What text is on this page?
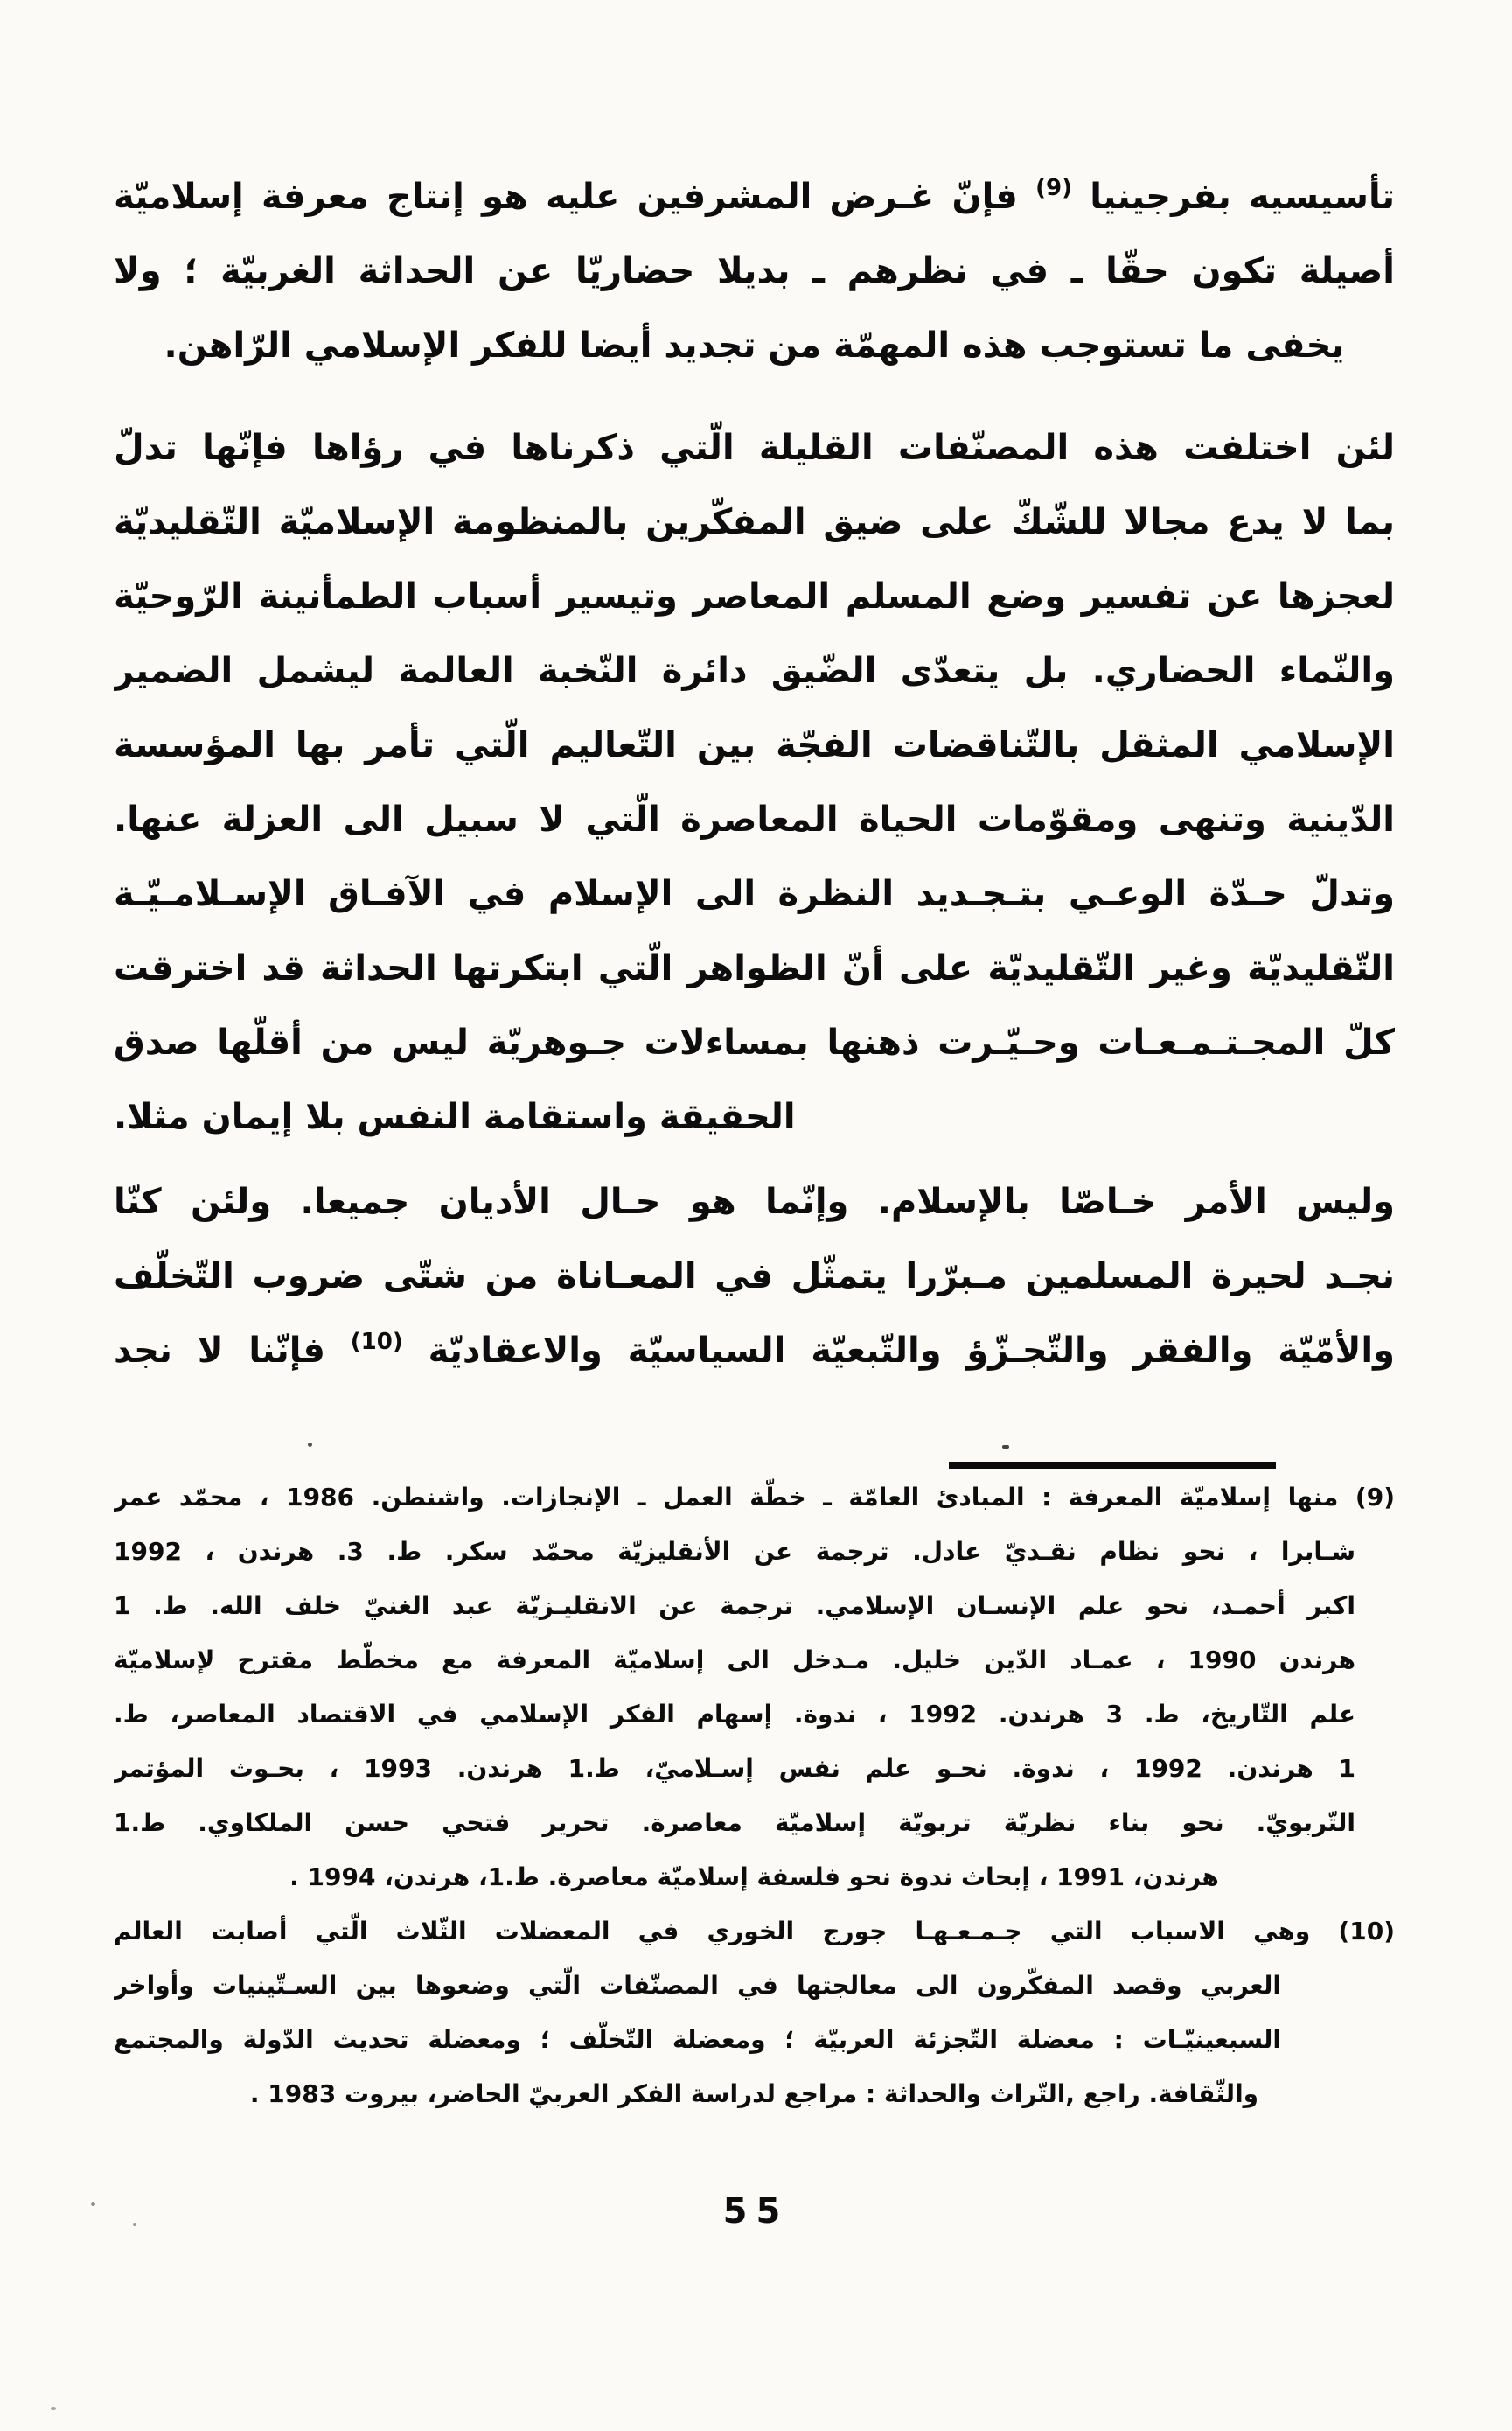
تأسيسيه بفرجينيا $^{(9)}$ فإنّ غـرض المشرفين عليه هو إنتاج معرفة إسلاميّة
أصيلة تكون حقّا ـ في نظرهم ـ بديلا حضاريّا عن الحداثة الغربيّة ؛ ولا
يخفى ما تستوجب هذه المهمّة من تجديد أيضا للفكر الإسلامي الرّاهن.
لئن اختلفت هذه المصنّفات القليلة الّتي ذكرناها في رؤاها فإنّها تدلّ
بما لا يدع مجالا للشّكّ على ضيق المفكّرين بالمنظومة الإسلاميّة التّقليديّة
لعجزها عن تفسير وضع المسلم المعاصر وتيسير أسباب الطمأنينة الرّوحيّة
والنّماء الحضاري. بل يتعدّى الضّيق دائرة النّخبة العالمة ليشمل الضمير
الإسلامي المثقل بالتّناقضات الفجّة بين التّعاليم الّتي تأمر بها المؤسسة
الدّينية وتنهى ومقوّمات الحياة المعاصرة الّتي لا سبيل الى العزلة عنها.
وتدلّ حـدّة الوعـي بتـجـديد النظرة الى الإسلام في الآفـاق الإسـلامـيّـة
التّقليديّة وغير التّقليديّة على أنّ الظواهر الّتي ابتكرتها الحداثة قد اخترقت
كلّ المجـتـمـعـات وحـيّـرت ذهنها بمساءلات جـوهريّة ليس من أقلّها صدق
الحقيقة واستقامة النفس بلا إيمان مثلا.
وليس الأمر خـاصّا بالإسلام. وإنّما هو حـال الأديان جميعا. ولئن كنّا
نجـد لحيرة المسلمين مـبرّرا يتمثّل في المعـاناة من شتّى ضروب التّخلّف
والأمّيّة والفقر والتّجـزّؤ والتّبعيّة السياسيّة والاعقاديّة $^{(10)}$ فإنّنا لا نجد
(9) منها إسلاميّة المعرفة : المبادئ العامّة ـ خطّة العمل ـ الإنجازات. واشنطن. 1986 ، محمّد عمر
شـابرا ، نحو نظام نقـديّ عادل. ترجمة عن الأنقليزيّة محمّد سكر. ط. 3. هرندن ، 1992
اكبر أحمـد، نحو علم الإنسـان الإسلامي. ترجمة عن الانقليـزيّة عبد الغنيّ خلف الله. ط. 1
هرندن 1990 ، عمـاد الدّين خليل. مـدخل الى إسلاميّة المعرفة مع مخطّط مقترح لإسلاميّة
علم التّاريخ، ط. 3 هرندن. 1992 ، ندوة. إسهام الفكر الإسلامي في الاقتصاد المعاصر، ط.
1 هرندن. 1992 ، ندوة. نحـو علم نفس إسـلاميّ، ط.1 هرندن. 1993 ، بحـوث المؤتمر
التّربويّ. نحو بناء نظريّة تربويّة إسلاميّة معاصرة. تحرير فتحي حسن الملكاوي. ط.1
هرندن، 1991 ، إبحاث ندوة نحو فلسفة إسلاميّة معاصرة. ط.1، هرندن، 1994 .
(10) وهي الاسباب التي جـمـعـهـا جورج الخوري في المعضلات الثّلاث الّتي أصابت العالم
العربي وقصد المفكّرون الى معالجتها في المصنّفات الّتي وضعوها بين السـتّينيات وأواخر
السبعينيّـات : معضلة التّجزئة العربيّة ؛ ومعضلة التّخلّف ؛ ومعضلة تحديث الدّولة والمجتمع
والثّقافة. راجع ,التّراث والحداثة : مراجع لدراسة الفكر العربيّ الحاضر، بيروت 1983 .
55
